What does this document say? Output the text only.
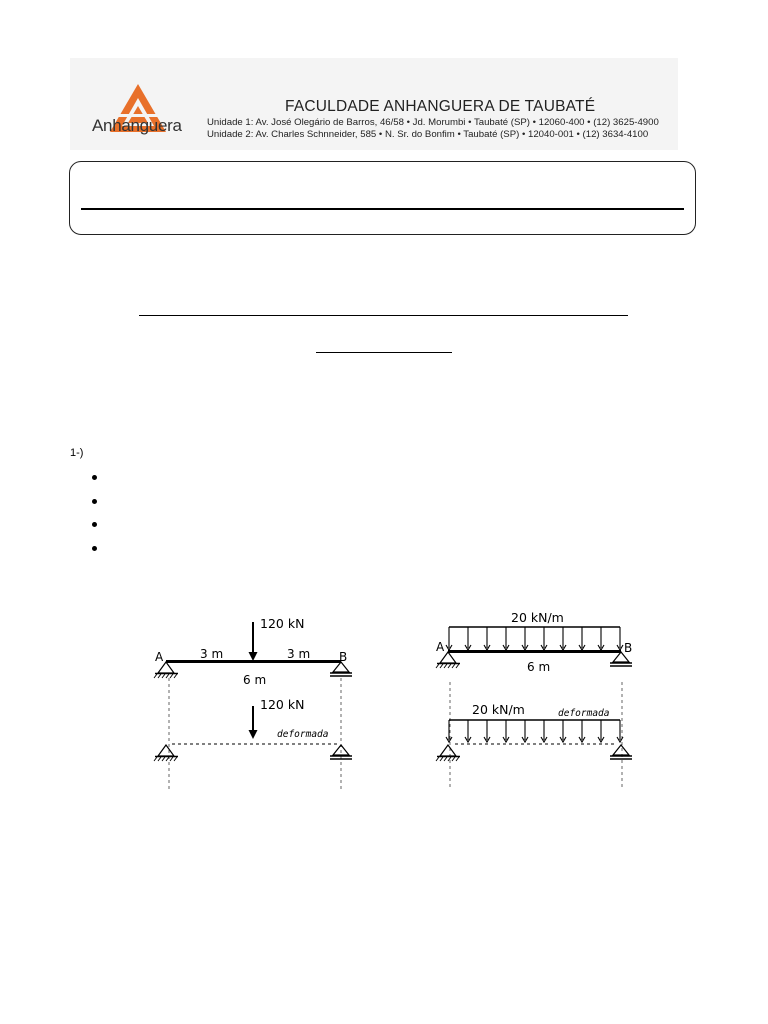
Anhanguera
FACULDADE ANHANGUERA DE TAUBATÉ
Unidade 1: Av. José Olegário de Barros, 46/58 • Jd. Morumbi • Taubaté (SP) • 12060-400 • (12) 3625-4900
Unidade 2: Av. Charles Schnneider, 585 • N. Sr. do Bonfim • Taubaté (SP) • 12040-001 • (12) 3634-4100
1-)
120 kN
A	B
3 m	3 m
6 m
120 kN
deformada
20 kN/m
A	B
6 m
20 kN/m	deformada
